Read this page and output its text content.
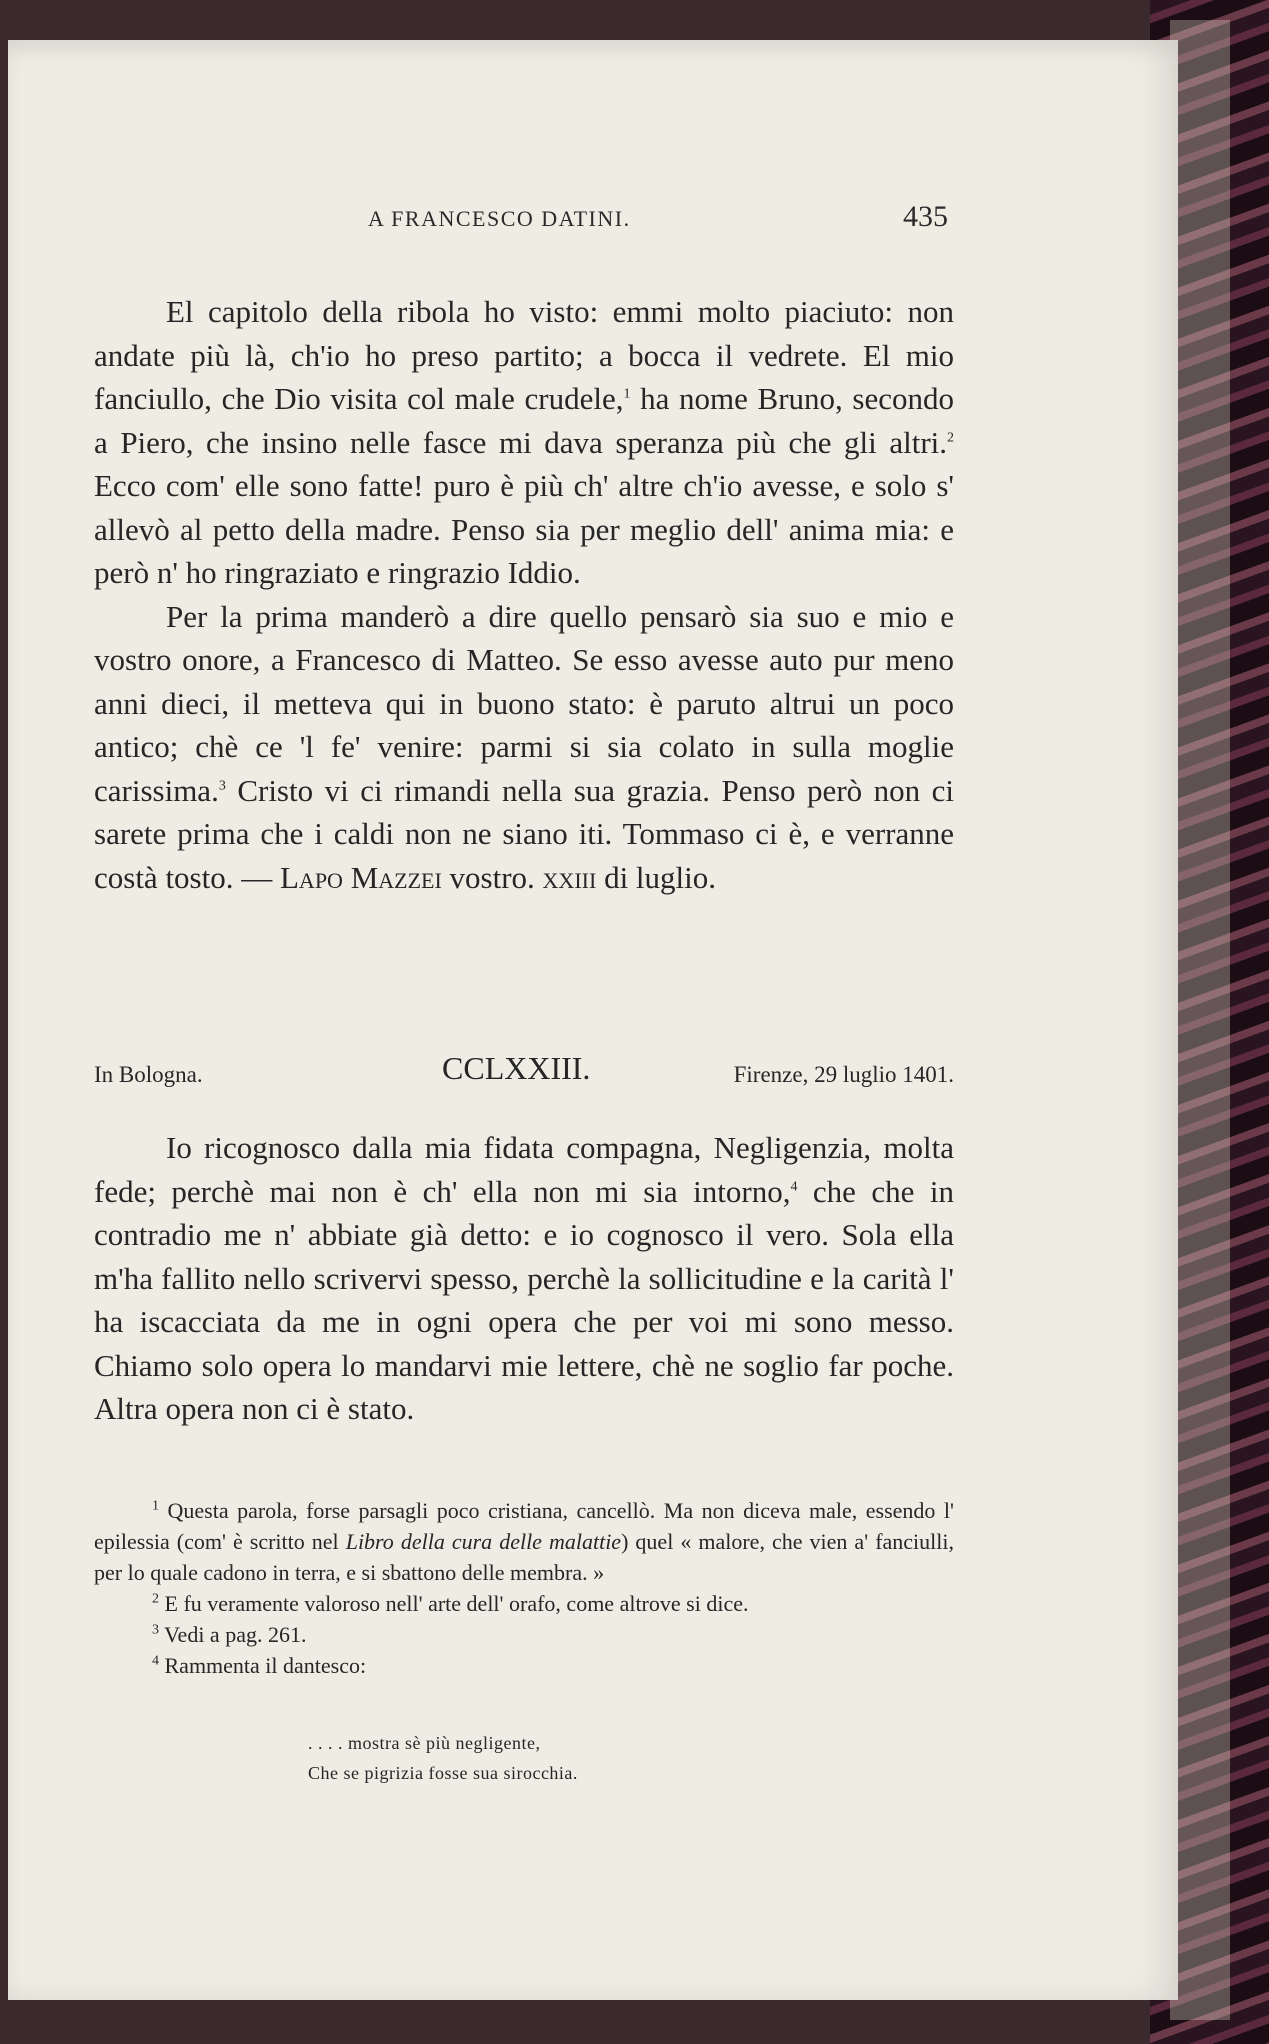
A FRANCESCO DATINI.	435

El capitolo della ribola ho visto: emmi molto piaciuto: non andate più là, ch'io ho preso partito; a bocca il vedrete. El mio fanciullo, che Dio visita col male crudele,$^1$ ha nome Bruno, secondo a Piero, che insino nelle fasce mi dava speranza più che gli altri.$^2$ Ecco com' elle sono fatte! puro è più ch' altre ch'io avesse, e solo s' allevò al petto della madre. Penso sia per meglio dell' anima mia: e però n' ho ringraziato e ringrazio Iddio.

Per la prima manderò a dire quello pensarò sia suo e mio e vostro onore, a Francesco di Matteo. Se esso avesse auto pur meno anni dieci, il metteva qui in buono stato: è paruto altrui un poco antico; chè ce 'l fe' venire: parmi si sia colato in sulla moglie carissima.$^3$ Cristo vi ci rimandi nella sua grazia. Penso però non ci sarete prima che i caldi non ne siano iti. Tommaso ci è, e verranne costà tosto. — Lapo Mazzei vostro. xxiii di luglio.

In Bologna.	CCLXXIII.	Firenze, 29 luglio 1401.

Io ricognosco dalla mia fidata compagna, Negligenzia, molta fede; perchè mai non è ch' ella non mi sia intorno,$^4$ che che in contradio me n' abbiate già detto: e io cognosco il vero. Sola ella m'ha fallito nello scrivervi spesso, perchè la sollicitudine e la carità l' ha iscacciata da me in ogni opera che per voi mi sono messo. Chiamo solo opera lo mandarvi mie lettere, chè ne soglio far poche. Altra opera non ci è stato.

$^1$ Questa parola, forse parsagli poco cristiana, cancellò. Ma non diceva male, essendo l' epilessia (com' è scritto nel Libro della cura delle malattie) quel « malore, che vien a' fanciulli, per lo quale cadono in terra, e si sbattono delle membra. »

$^2$ E fu veramente valoroso nell' arte dell' orafo, come altrove si dice.

$^3$ Vedi a pag. 261.

$^4$ Rammenta il dantesco:

. . . . mostra sè più negligente,
Che se pigrizia fosse sua sirocchia.
